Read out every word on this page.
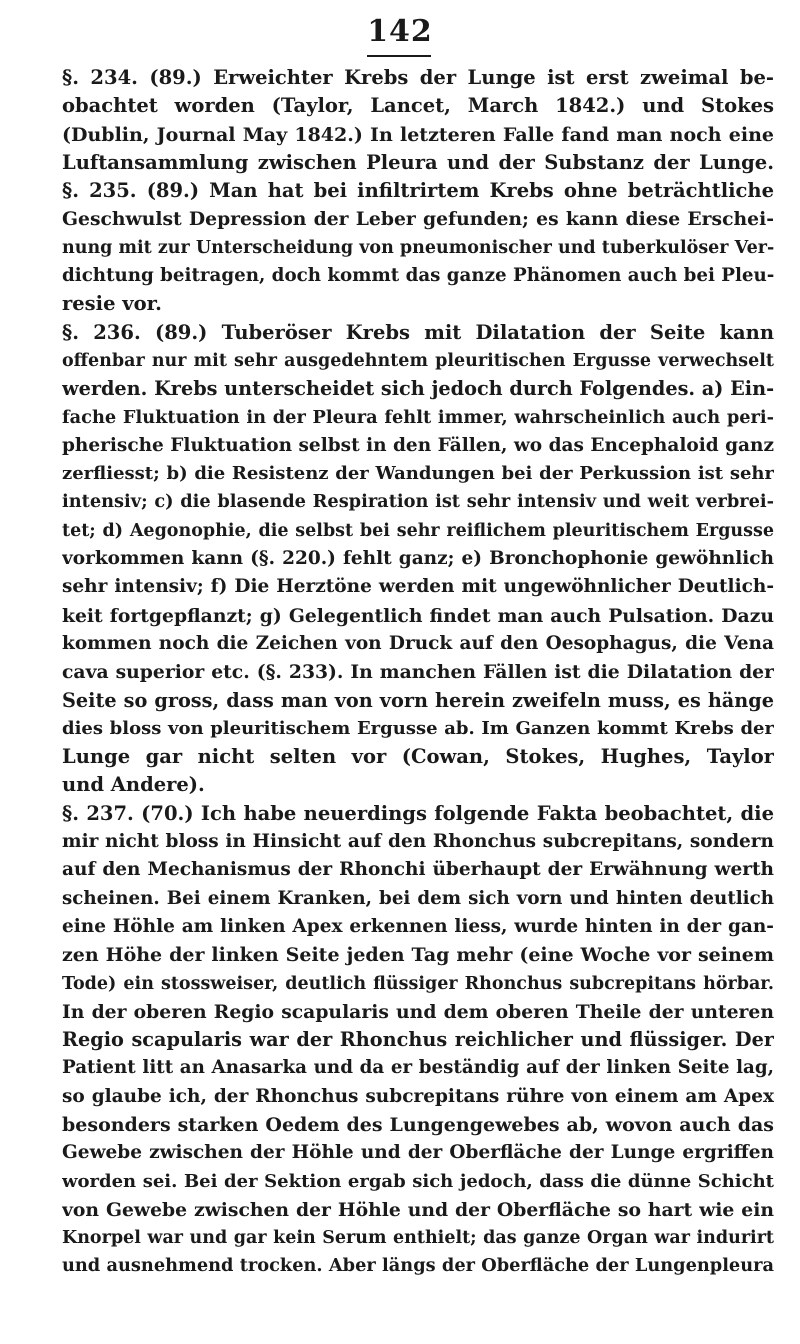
142
§. 234. (89.) Erweichter Krebs der Lunge ist erst zweimal be-
obachtet worden (Taylor, Lancet, March 1842.) und Stokes
(Dublin, Journal May 1842.) In letzteren Falle fand man noch eine
Luftansammlung zwischen Pleura und der Substanz der Lunge.
§. 235. (89.) Man hat bei infiltrirtem Krebs ohne beträchtliche
Geschwulst Depression der Leber gefunden; es kann diese Erschei-
nung mit zur Unterscheidung von pneumonischer und tuberkulöser Ver-
dichtung beitragen, doch kommt das ganze Phänomen auch bei Pleu-
resie vor.
§. 236. (89.) Tuberöser Krebs mit Dilatation der Seite kann
offenbar nur mit sehr ausgedehntem pleuritischen Ergusse verwechselt
werden. Krebs unterscheidet sich jedoch durch Folgendes. a) Ein-
fache Fluktuation in der Pleura fehlt immer, wahrscheinlich auch peri-
pherische Fluktuation selbst in den Fällen, wo das Encephaloid ganz
zerfliesst; b) die Resistenz der Wandungen bei der Perkussion ist sehr
intensiv; c) die blasende Respiration ist sehr intensiv und weit verbrei-
tet; d) Aegonophie, die selbst bei sehr reiflichem pleuritischem Ergusse
vorkommen kann (§. 220.) fehlt ganz; e) Bronchophonie gewöhnlich
sehr intensiv; f) Die Herztöne werden mit ungewöhnlicher Deutlich-
keit fortgepflanzt; g) Gelegentlich findet man auch Pulsation. Dazu
kommen noch die Zeichen von Druck auf den Oesophagus, die Vena
cava superior etc. (§. 233). In manchen Fällen ist die Dilatation der
Seite so gross, dass man von vorn herein zweifeln muss, es hänge
dies bloss von pleuritischem Ergusse ab. Im Ganzen kommt Krebs der
Lunge gar nicht selten vor (Cowan, Stokes, Hughes, Taylor
und Andere).
§. 237. (70.) Ich habe neuerdings folgende Fakta beobachtet, die
mir nicht bloss in Hinsicht auf den Rhonchus subcrepitans, sondern
auf den Mechanismus der Rhonchi überhaupt der Erwähnung werth
scheinen. Bei einem Kranken, bei dem sich vorn und hinten deutlich
eine Höhle am linken Apex erkennen liess, wurde hinten in der gan-
zen Höhe der linken Seite jeden Tag mehr (eine Woche vor seinem
Tode) ein stossweiser, deutlich flüssiger Rhonchus subcrepitans hörbar.
In der oberen Regio scapularis und dem oberen Theile der unteren
Regio scapularis war der Rhonchus reichlicher und flüssiger. Der
Patient litt an Anasarka und da er beständig auf der linken Seite lag,
so glaube ich, der Rhonchus subcrepitans rühre von einem am Apex
besonders starken Oedem des Lungengewebes ab, wovon auch das
Gewebe zwischen der Höhle und der Oberfläche der Lunge ergriffen
worden sei. Bei der Sektion ergab sich jedoch, dass die dünne Schicht
von Gewebe zwischen der Höhle und der Oberfläche so hart wie ein
Knorpel war und gar kein Serum enthielt; das ganze Organ war indurirt
und ausnehmend trocken. Aber längs der Oberfläche der Lungenpleura
